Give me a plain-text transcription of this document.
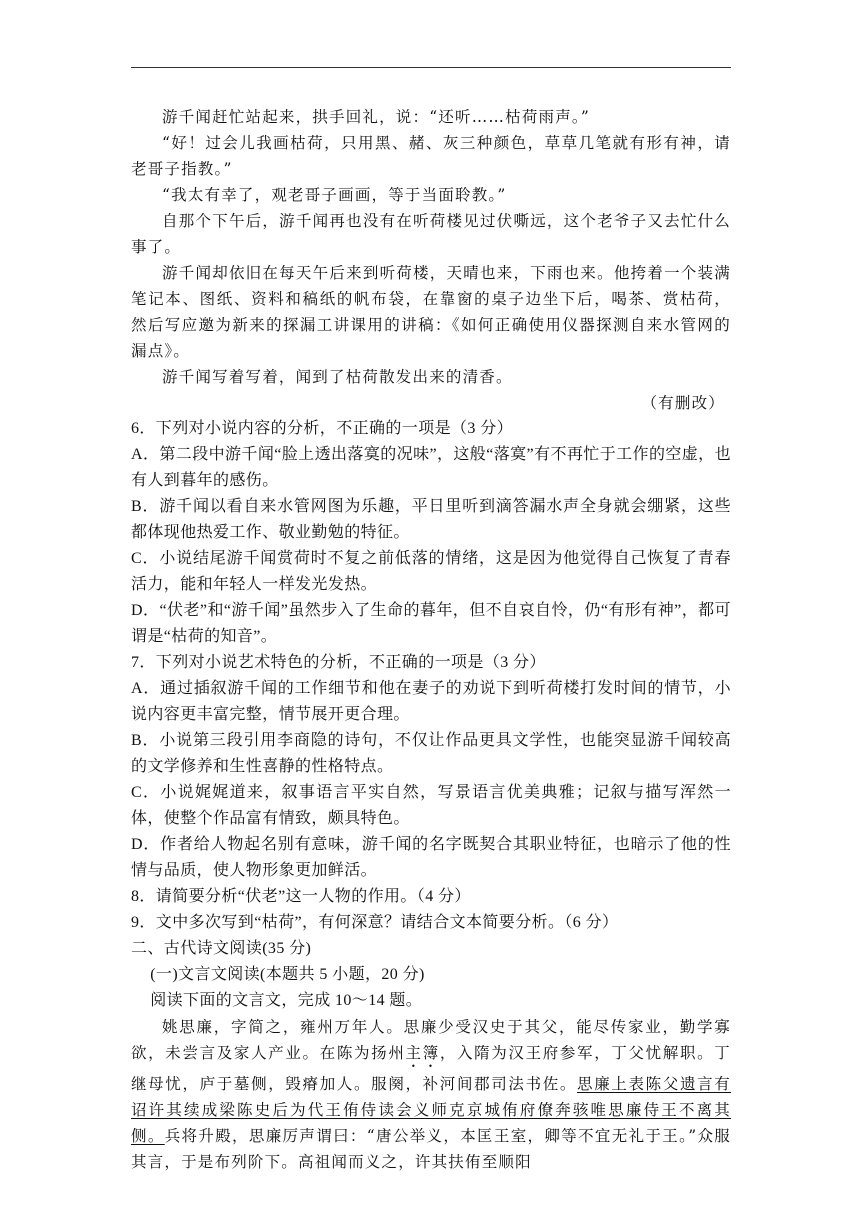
游千闻赶忙站起来，拱手回礼，说：“还听……枯荷雨声。”

“好！过会儿我画枯荷，只用黑、赭、灰三种颜色，草草几笔就有形有神，请老哥子指教。”

“我太有幸了，观老哥子画画，等于当面聆教。”

自那个下午后，游千闻再也没有在听荷楼见过伏嘶远，这个老爷子又去忙什么事了。

游千闻却依旧在每天午后来到听荷楼，天晴也来，下雨也来。他挎着一个装满笔记本、图纸、资料和稿纸的帆布袋，在靠窗的桌子边坐下后，喝茶、赏枯荷，然后写应邀为新来的探漏工讲课用的讲稿：《如何正确使用仪器探测自来水管网的漏点》。

游千闻写着写着，闻到了枯荷散发出来的清香。

（有删改）

6．下列对小说内容的分析，不正确的一项是（3 分）

A．第二段中游千闻“脸上透出落寞的况味”，这般“落寞”有不再忙于工作的空虚，也有人到暮年的感伤。

B．游千闻以看自来水管网图为乐趣，平日里听到滴答漏水声全身就会绷紧，这些都体现他热爱工作、敬业勤勉的特征。

C．小说结尾游千闻赏荷时不复之前低落的情绪，这是因为他觉得自己恢复了青春活力，能和年轻人一样发光发热。

D．“伏老”和“游千闻”虽然步入了生命的暮年，但不自哀自怜，仍“有形有神”，都可谓是“枯荷的知音”。

7．下列对小说艺术特色的分析，不正确的一项是（3 分）

A．通过插叙游千闻的工作细节和他在妻子的劝说下到听荷楼打发时间的情节，小说内容更丰富完整，情节展开更合理。

B．小说第三段引用李商隐的诗句，不仅让作品更具文学性，也能突显游千闻较高的文学修养和生性喜静的性格特点。

C．小说娓娓道来，叙事语言平实自然，写景语言优美典雅；记叙与描写浑然一体，使整个作品富有情致，颇具特色。

D．作者给人物起名别有意味，游千闻的名字既契合其职业特征，也暗示了他的性情与品质，使人物形象更加鲜活。

8．请简要分析“伏老”这一人物的作用。（4 分）

9．文中多次写到“枯荷”，有何深意？请结合文本简要分析。（6 分）

二、古代诗文阅读(35 分)

(一)文言文阅读(本题共 5 小题，20 分)

阅读下面的文言文，完成 10～14 题。

姚思廉，字简之，雍州万年人。思廉少受汉史于其父，能尽传家业，勤学寡欲，未尝言及家人产业。在陈为扬州主簿，入隋为汉王府参军，丁父忧解职。丁继母忧，庐于墓侧，毁瘠加人。服阕，补河间郡司法书佐。思廉上表陈父遗言有诏许其续成梁陈史后为代王侑侍读会义师克京城侑府僚奔骇唯思廉侍王不离其侧。兵将升殿，思廉厉声谓曰：“唐公举义，本匡王室，卿等不宜无礼于王。”众服其言，于是布列阶下。高祖闻而义之，许其扶侑至顺阳
